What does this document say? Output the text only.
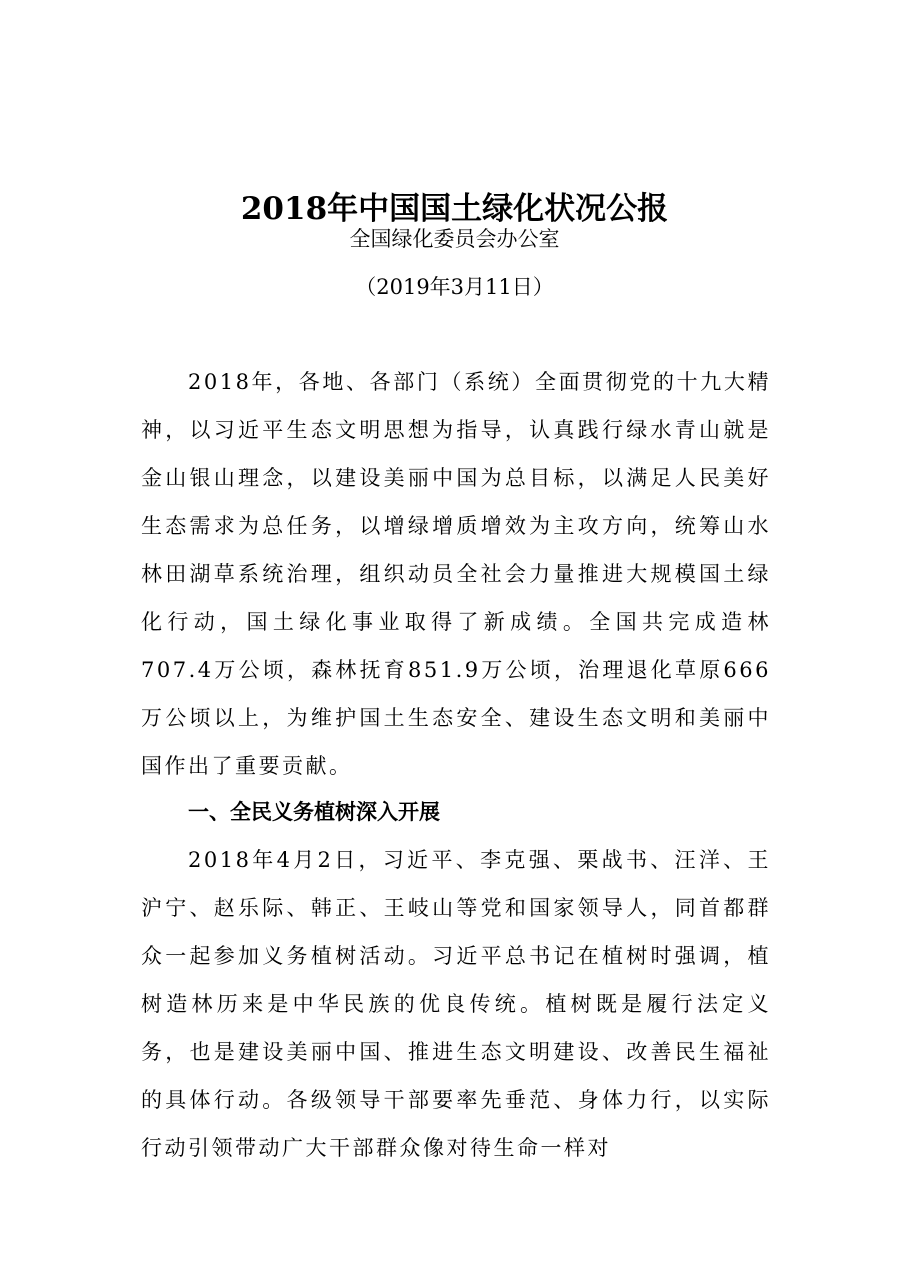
2018年中国国土绿化状况公报
全国绿化委员会办公室
（2019年3月11日）

2018年，各地、各部门（系统）全面贯彻党的十九大精神，以习近平生态文明思想为指导，认真践行绿水青山就是金山银山理念，以建设美丽中国为总目标，以满足人民美好生态需求为总任务，以增绿增质增效为主攻方向，统筹山水林田湖草系统治理，组织动员全社会力量推进大规模国土绿化行动，国土绿化事业取得了新成绩。全国共完成造林707.4万公顷，森林抚育851.9万公顷，治理退化草原666万公顷以上，为维护国土生态安全、建设生态文明和美丽中国作出了重要贡献。

一、全民义务植树深入开展

2018年4月2日，习近平、李克强、栗战书、汪洋、王沪宁、赵乐际、韩正、王岐山等党和国家领导人，同首都群众一起参加义务植树活动。习近平总书记在植树时强调，植树造林历来是中华民族的优良传统。植树既是履行法定义务，也是建设美丽中国、推进生态文明建设、改善民生福祉的具体行动。各级领导干部要率先垂范、身体力行，以实际行动引领带动广大干部群众像对待生命一样对
